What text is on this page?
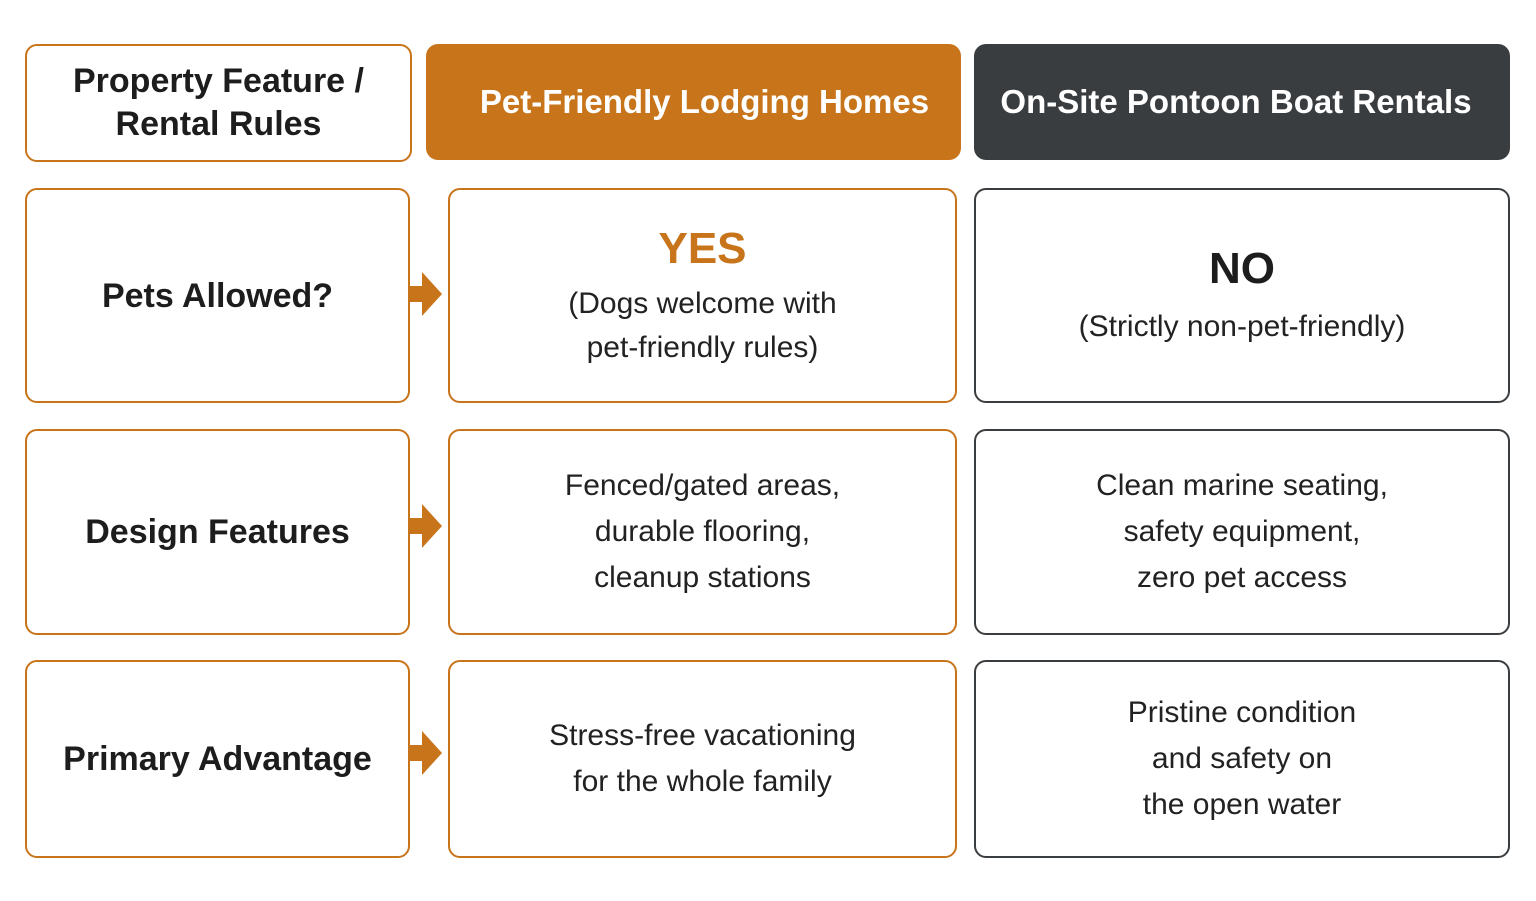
Property Feature / Rental Rules
Pet-Friendly Lodging Homes On-Site Pontoon Boat Rentals
Pets Allowed?
YES
(Dogs welcome with
pet-friendly rules)
NO
(Strictly non-pet-friendly)
Design Features
Fenced/gated areas,
durable flooring,
cleanup stations
Clean marine seating,
safety equipment,
zero pet access
Primary Advantage
Stress-free vacationing
for the whole family
Pristine condition
and safety on
the open water
